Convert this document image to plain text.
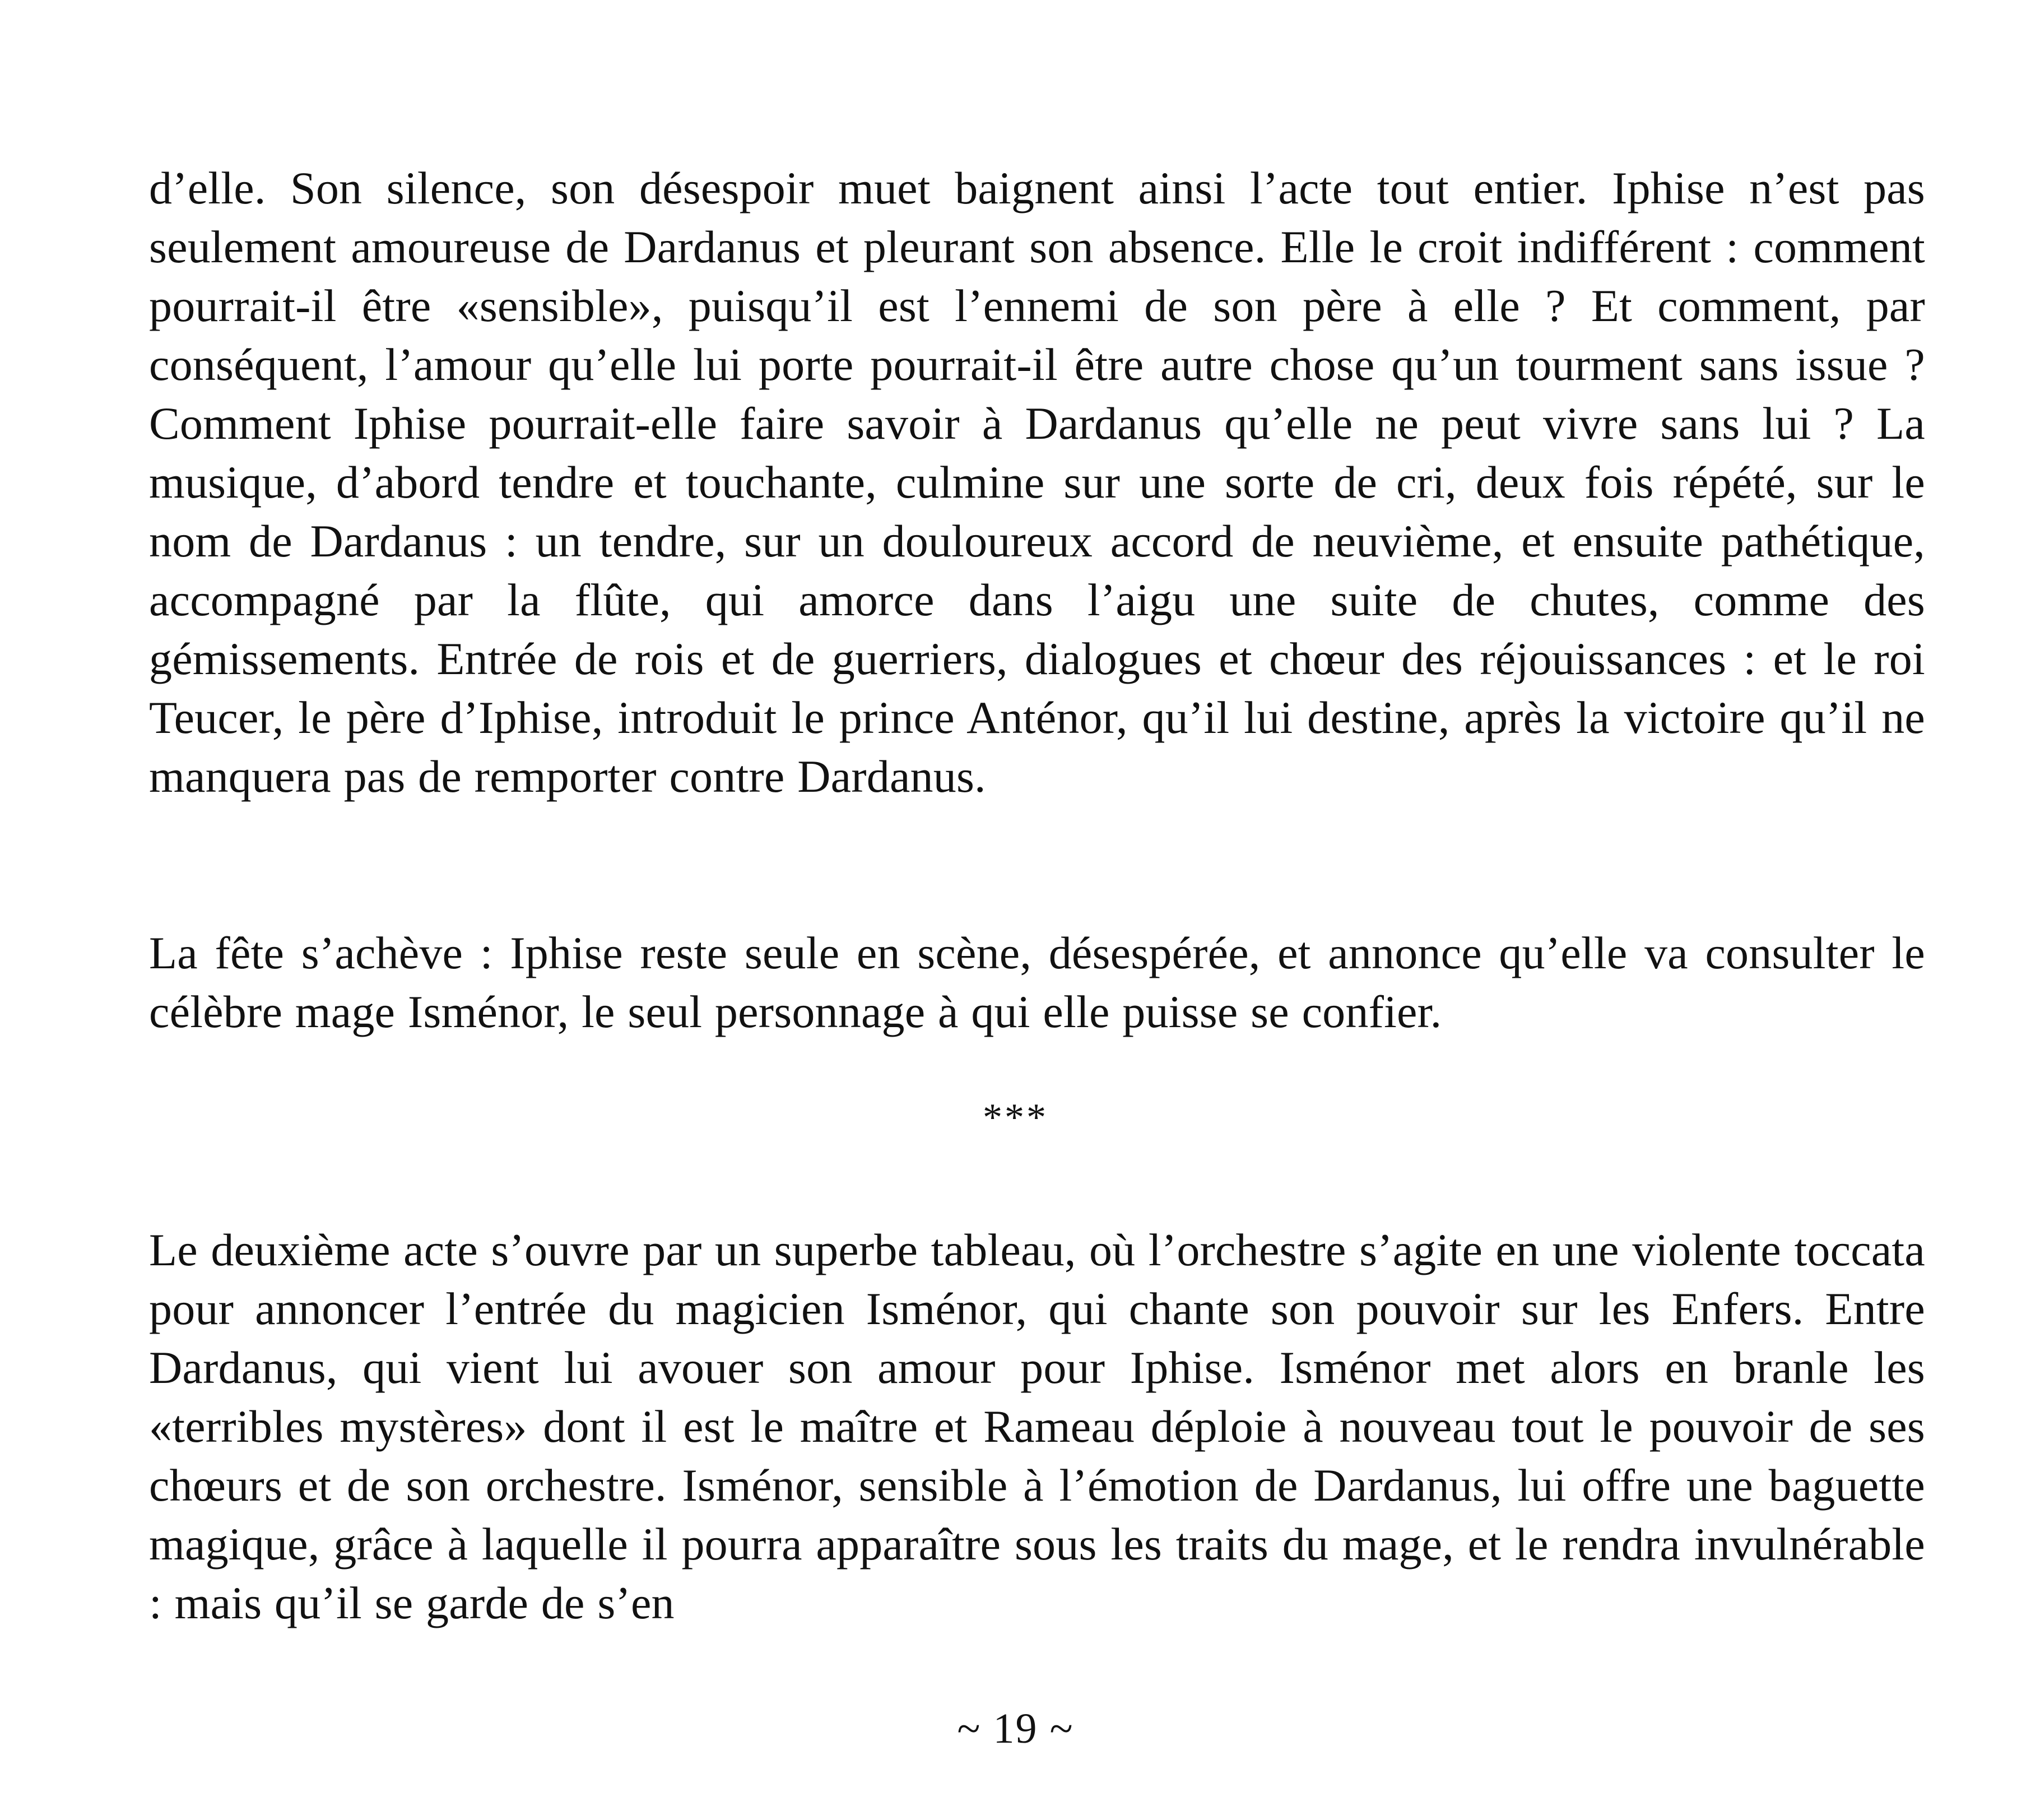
d’elle. Son silence, son désespoir muet baignent ainsi l’acte tout entier. Iphise n’est pas seulement amoureuse de Dardanus et pleurant son absence. Elle le croit indifférent : comment pourrait-il être «sensible», puisqu’il est l’ennemi de son père à elle ? Et comment, par conséquent, l’amour qu’elle lui porte pourrait-il être autre chose qu’un tourment sans issue ? Comment Iphise pourrait-elle faire savoir à Dardanus qu’elle ne peut vivre sans lui ? La musique, d’abord tendre et touchante, culmine sur une sorte de cri, deux fois répété, sur le nom de Dardanus : un tendre, sur un douloureux accord de neuvième, et ensuite pathétique, accompagné par la flûte, qui amorce dans l’aigu une suite de chutes, comme des gémissements. Entrée de rois et de guerriers, dialogues et chœur des réjouissances : et le roi Teucer, le père d’Iphise, introduit le prince Anténor, qu’il lui destine, après la victoire qu’il ne manquera pas de remporter contre Dardanus.

La fête s’achève : Iphise reste seule en scène, désespérée, et annonce qu’elle va consulter le célèbre mage Isménor, le seul personnage à qui elle puisse se confier.

***

Le deuxième acte s’ouvre par un superbe tableau, où l’orchestre s’agite en une violente toccata pour annoncer l’entrée du magicien Isménor, qui chante son pouvoir sur les Enfers. Entre Dardanus, qui vient lui avouer son amour pour Iphise. Isménor met alors en branle les «terribles mystères» dont il est le maître et Rameau déploie à nouveau tout le pouvoir de ses chœurs et de son orchestre. Isménor, sensible à l’émotion de Dardanus, lui offre une baguette magique, grâce à laquelle il pourra apparaître sous les traits du mage, et le rendra invulnérable : mais qu’il se garde de s’en

~ 19 ~
